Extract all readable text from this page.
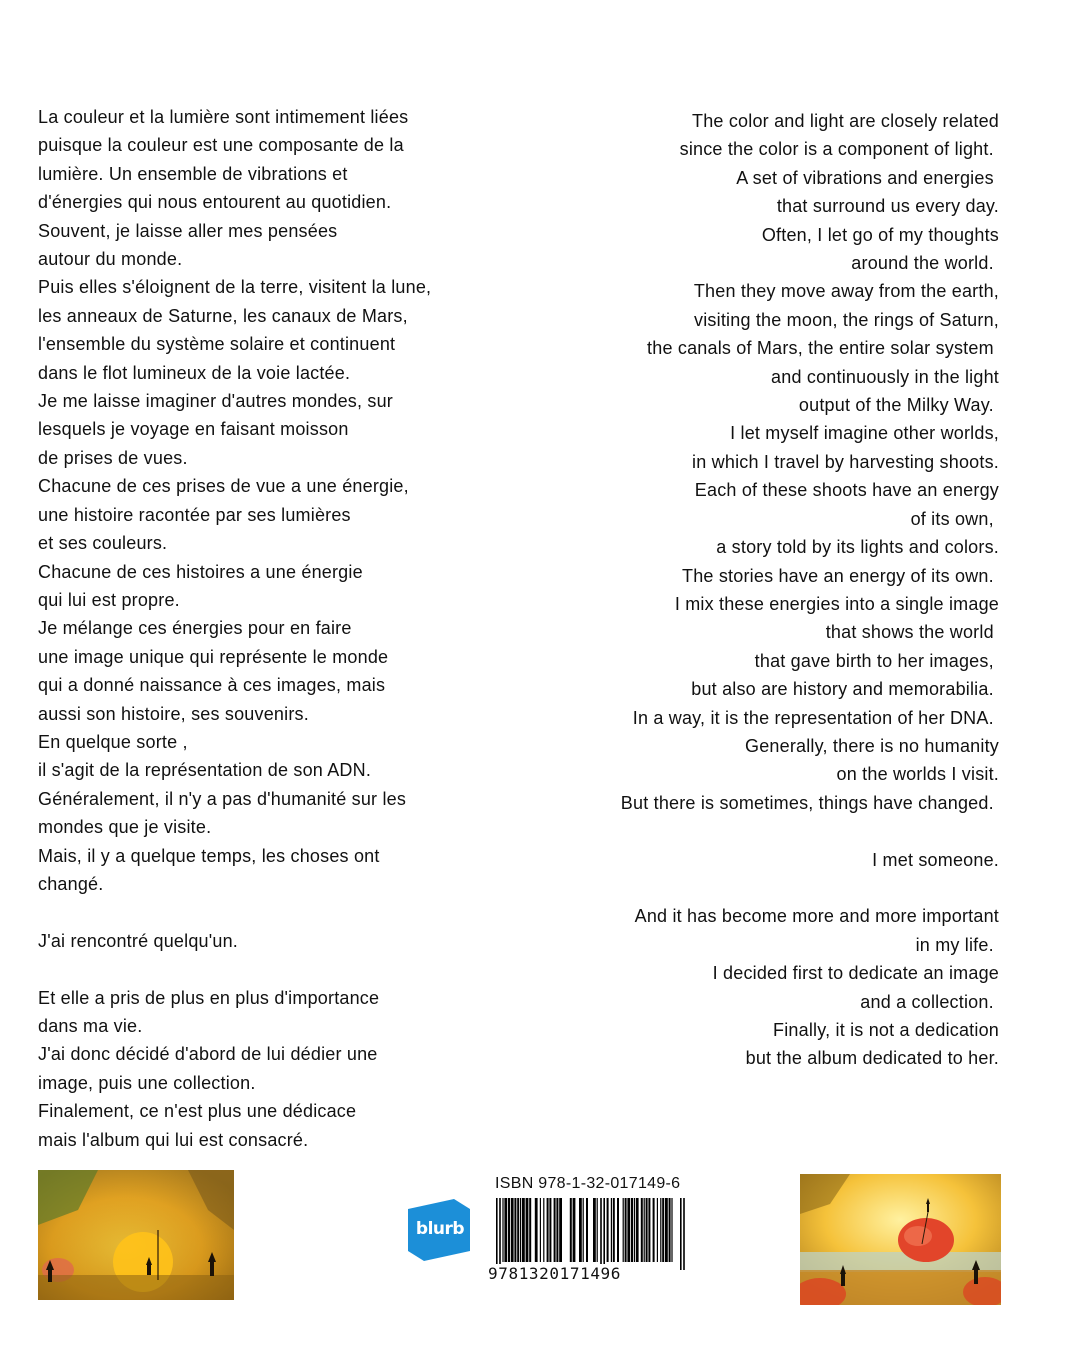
La couleur et la lumière sont intimement liées
puisque la couleur est une composante de la
lumière. Un ensemble de vibrations et
d'énergies qui nous entourent au quotidien.
Souvent, je laisse aller mes pensées
autour du monde.
Puis elles s'éloignent de la terre, visitent la lune,
les anneaux de Saturne, les canaux de Mars,
l'ensemble du système solaire et continuent
dans le flot lumineux de la voie lactée.
Je me laisse imaginer d'autres mondes, sur
lesquels je voyage en faisant moisson
de prises de vues.
Chacune de ces prises de vue a une énergie,
une histoire racontée par ses lumières
et ses couleurs.
Chacune de ces histoires a une énergie
qui lui est propre.
Je mélange ces énergies pour en faire
une image unique qui représente le monde
qui a donné naissance à ces images, mais
aussi son histoire, ses souvenirs.
En quelque sorte ,
il s'agit de la représentation de son ADN.
Généralement, il n'y a pas d'humanité sur les
mondes que je visite.
Mais, il y a quelque temps, les choses ont
changé.
J'ai rencontré quelqu'un.
Et elle a pris de plus en plus d'importance
dans ma vie.
J'ai donc décidé d'abord de lui dédier une
image, puis une collection.
Finalement, ce n'est plus une dédicace
mais l'album qui lui est consacré.
The color and light are closely related
since the color is a component of light.
A set of vibrations and energies
that surround us every day.
Often, I let go of my thoughts
around the world.
Then they move away from the earth,
visiting the moon, the rings of Saturn,
the canals of Mars, the entire solar system
and continuously in the light
output of the Milky Way.
I let myself imagine other worlds,
in which I travel by harvesting shoots.
Each of these shoots have an energy
of its own,
a story told by its lights and colors.
The stories have an energy of its own.
I mix these energies into a single image
that shows the world
that gave birth to her images,
but also are history and memorabilia.
In a way, it is the representation of her DNA.
Generally, there is no humanity
on the worlds I visit.
But there is sometimes, things have changed.
I met someone.
And it has become more and more important
in my life.
I decided first to dedicate an image
and a collection.
Finally, it is not a dedication
but the album dedicated to her.
blurb
ISBN 978-1-32-017149-6
9781320171496
